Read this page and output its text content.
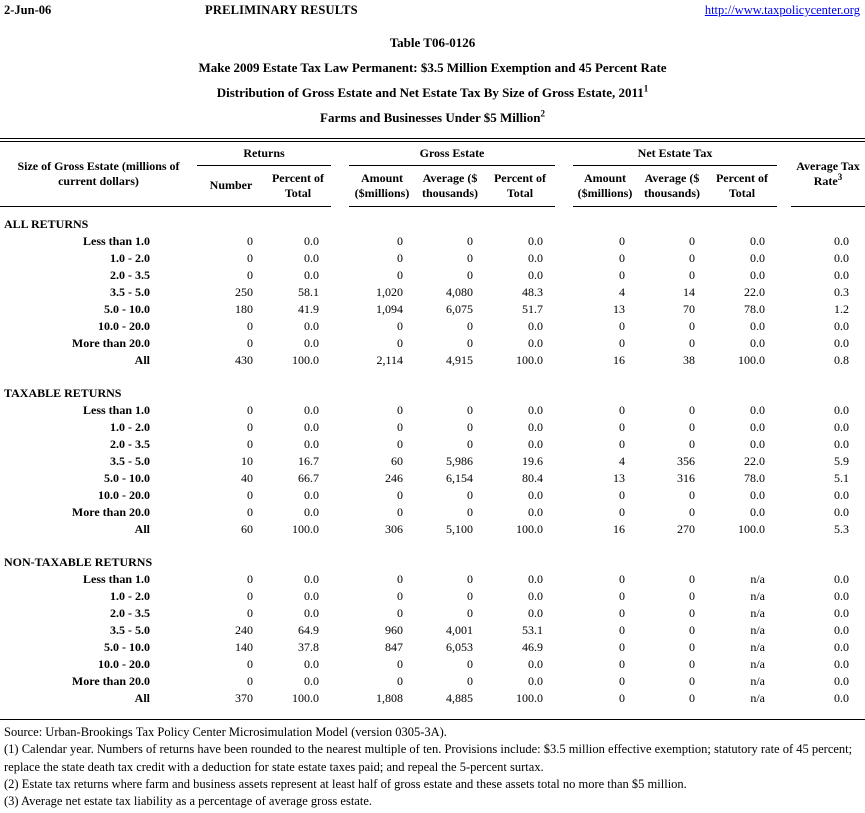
2-Jun-06	PRELIMINARY RESULTS	http://www.taxpolicycenter.org

Table T06-0126

Make 2009 Estate Tax Law Permanent: $3.5 Million Exemption and 45 Percent Rate

Distribution of Gross Estate and Net Estate Tax By Size of Gross Estate, 2011$^1$

Farms and Businesses Under $5 Million$^2$

Size of Gross Estate (millions of current dollars)	Returns			Gross Estate				Net Estate Tax				Average Tax Rate$^3$
	Number	Percent of Total		Amount ($millions)	Average ($ thousands)	Percent of Total		Amount ($millions)	Average ($ thousands)	Percent of Total		
ALL RETURNS												
Less than 1.0	0	0.0		0	0	0.0		0	0	0.0		0.0
1.0 - 2.0	0	0.0		0	0	0.0		0	0	0.0		0.0
2.0 - 3.5	0	0.0		0	0	0.0		0	0	0.0		0.0
3.5 - 5.0	250	58.1		1,020	4,080	48.3		4	14	22.0		0.3
5.0 - 10.0	180	41.9		1,094	6,075	51.7		13	70	78.0		1.2
10.0 - 20.0	0	0.0		0	0	0.0		0	0	0.0		0.0
More than 20.0	0	0.0		0	0	0.0		0	0	0.0		0.0
All	430	100.0		2,114	4,915	100.0		16	38	100.0		0.8
TAXABLE RETURNS												
Less than 1.0	0	0.0		0	0	0.0		0	0	0.0		0.0
1.0 - 2.0	0	0.0		0	0	0.0		0	0	0.0		0.0
2.0 - 3.5	0	0.0		0	0	0.0		0	0	0.0		0.0
3.5 - 5.0	10	16.7		60	5,986	19.6		4	356	22.0		5.9
5.0 - 10.0	40	66.7		246	6,154	80.4		13	316	78.0		5.1
10.0 - 20.0	0	0.0		0	0	0.0		0	0	0.0		0.0
More than 20.0	0	0.0		0	0	0.0		0	0	0.0		0.0
All	60	100.0		306	5,100	100.0		16	270	100.0		5.3
NON-TAXABLE RETURNS												
Less than 1.0	0	0.0		0	0	0.0		0	0	n/a		0.0
1.0 - 2.0	0	0.0		0	0	0.0		0	0	n/a		0.0
2.0 - 3.5	0	0.0		0	0	0.0		0	0	n/a		0.0
3.5 - 5.0	240	64.9		960	4,001	53.1		0	0	n/a		0.0
5.0 - 10.0	140	37.8		847	6,053	46.9		0	0	n/a		0.0
10.0 - 20.0	0	0.0		0	0	0.0		0	0	n/a		0.0
More than 20.0	0	0.0		0	0	0.0		0	0	n/a		0.0
All	370	100.0		1,808	4,885	100.0		0	0	n/a		0.0
Source: Urban-Brookings Tax Policy Center Microsimulation Model (version 0305-3A).
(1) Calendar year. Numbers of returns have been rounded to the nearest multiple of ten. Provisions include: $3.5 million effective exemption; statutory rate of 45 percent; replace the state death tax credit with a deduction for state estate taxes paid; and repeal the 5-percent surtax.
(2) Estate tax returns where farm and business assets represent at least half of gross estate and these assets total no more than $5 million.
(3) Average net estate tax liability as a percentage of average gross estate.
